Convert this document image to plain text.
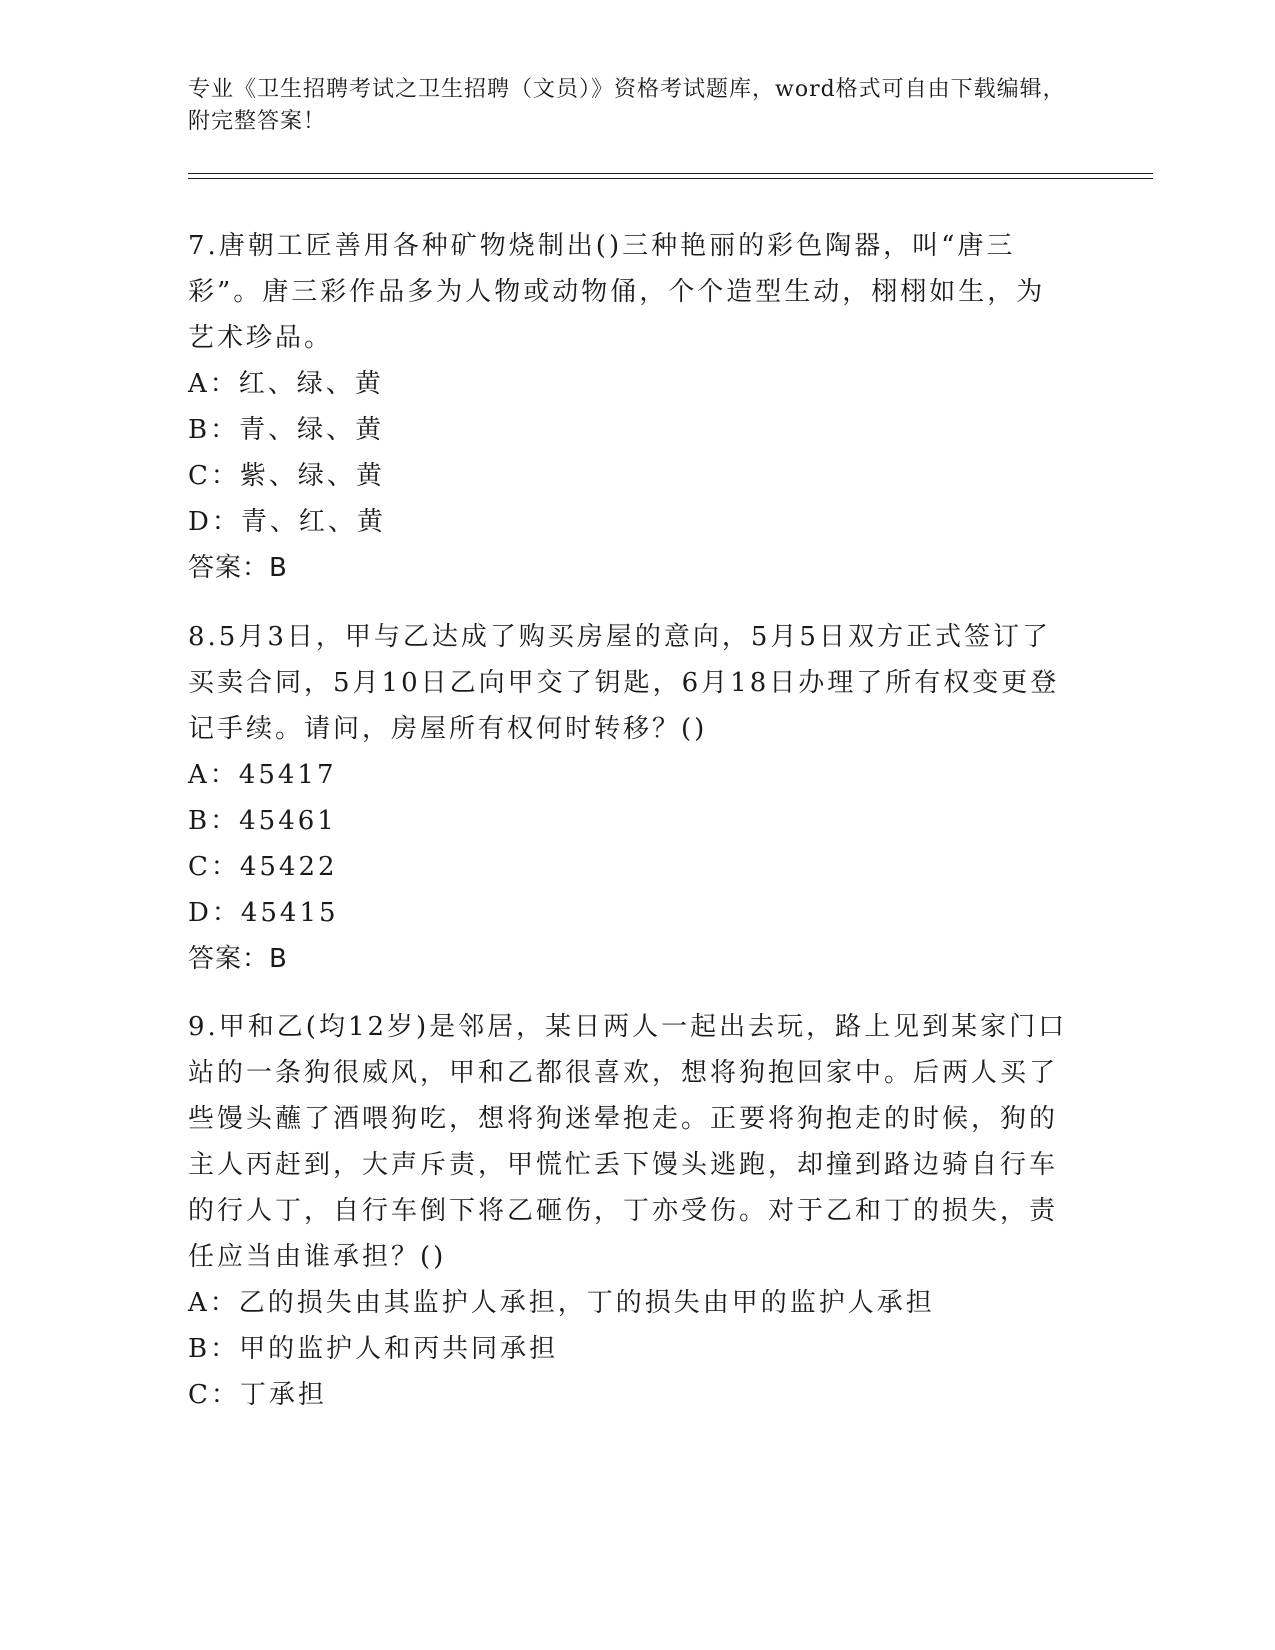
专业《卫生招聘考试之卫生招聘（文员）》资格考试题库，word格式可自由下载编辑，附完整答案！

7.唐朝工匠善用各种矿物烧制出()三种艳丽的彩色陶器，叫“唐三彩”。唐三彩作品多为人物或动物俑，个个造型生动，栩栩如生，为艺术珍品。

A：红、绿、黄

B：青、绿、黄

C：紫、绿、黄

D：青、红、黄

答案：B

8.5月3日，甲与乙达成了购买房屋的意向，5月5日双方正式签订了买卖合同，5月10日乙向甲交了钥匙，6月18日办理了所有权变更登记手续。请问，房屋所有权何时转移？()

A：45417

B：45461

C：45422

D：45415

答案：B

9.甲和乙(均12岁)是邻居，某日两人一起出去玩，路上见到某家门口站的一条狗很威风，甲和乙都很喜欢，想将狗抱回家中。后两人买了些馒头蘸了酒喂狗吃，想将狗迷晕抱走。正要将狗抱走的时候，狗的主人丙赶到，大声斥责，甲慌忙丢下馒头逃跑，却撞到路边骑自行车的行人丁，自行车倒下将乙砸伤，丁亦受伤。对于乙和丁的损失，责任应当由谁承担？()

A：乙的损失由其监护人承担，丁的损失由甲的监护人承担

B：甲的监护人和丙共同承担

C：丁承担
